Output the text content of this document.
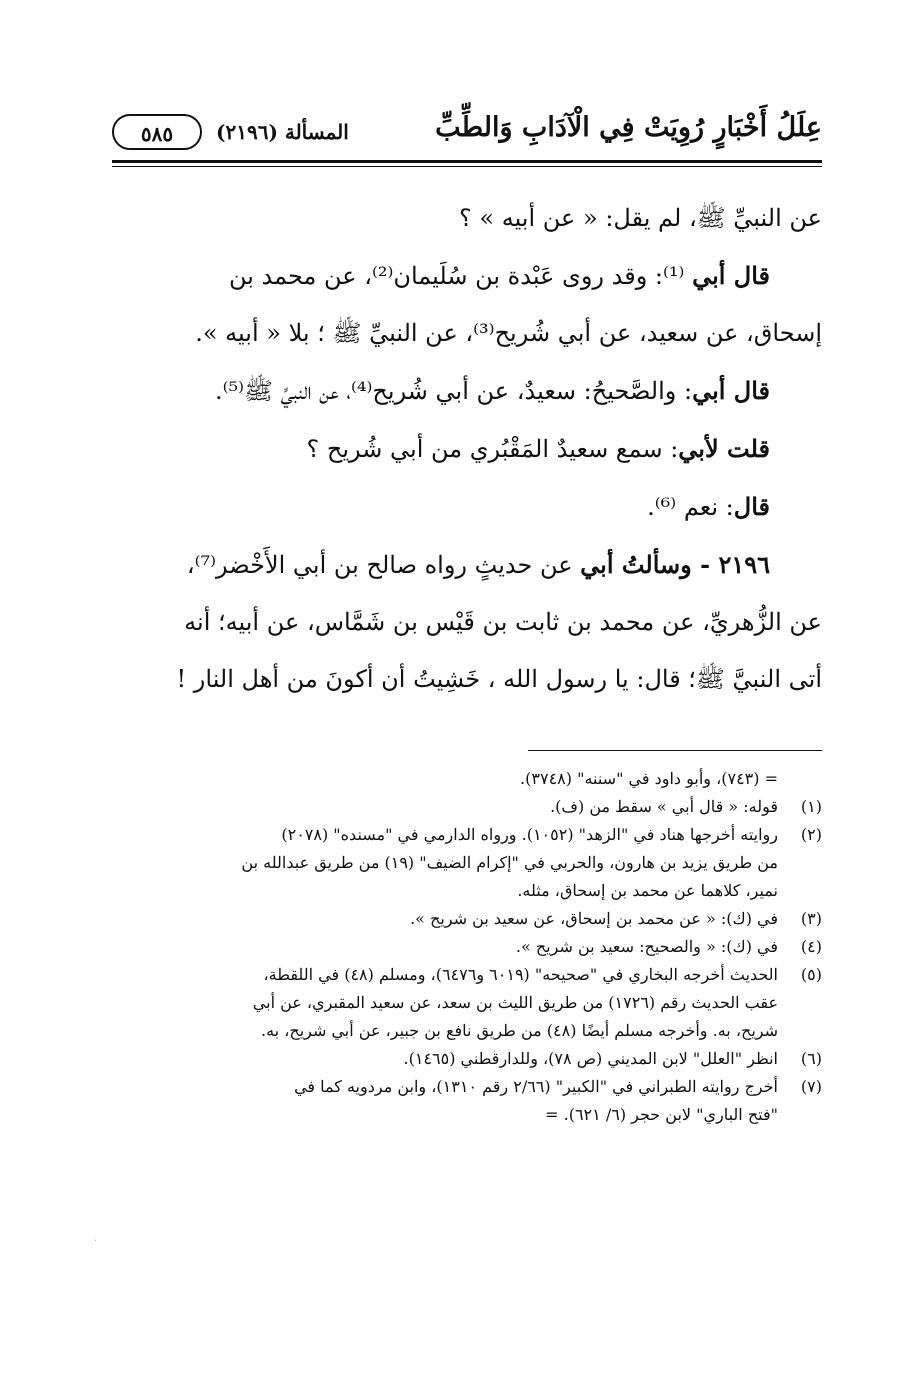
عِلَلُ أَخْبَارٍ رُوِيَتْ فِي الْآدَابِ وَالطِّبِّ
المسألة (٢١٩٦)
٥٨٥

عن النبيِّ ﷺ، لم يقل: « عن أبيه » ؟

قال أبي ⁽¹⁾: وقد روى عَبْدة بن سُلَيمان⁽²⁾، عن محمد بن

إسحاق، عن سعيد، عن أبي شُريح⁽³⁾، عن النبيِّ ﷺ ؛ بلا « أبيه ».

قال أبي: والصَّحيحُ: سعيدٌ، عن أبي شُريح⁽⁴⁾، عن النبيِّ ﷺ⁽⁵⁾.

قلت لأبي: سمع سعيدٌ المَقْبُري من أبي شُريح ؟

قال: نعم ⁽⁶⁾.

٢١٩٦ - وسألتُ أبي عن حديثٍ رواه صالح بن أبي الأَخْضر⁽⁷⁾،

عن الزُّهريِّ، عن محمد بن ثابت بن قَيْس بن شَمَّاس، عن أبيه؛ أنه

أتى النبيَّ ﷺ؛ قال: يا رسول الله ، خَشِيتُ أن أكونَ من أهل النار !

= (٧٤٣)، وأبو داود في "سننه" (٣٧٤٨).
(١)
قوله: « قال أبي » سقط من (ف).
(٢)
روايته أخرجها هناد في "الزهد" (١٠٥٢). ورواه الدارمي في "مسنده" (٢٠٧٨)
من طريق يزيد بن هارون، والحربي في "إكرام الضيف" (١٩) من طريق عبدالله بن
نمير، كلاهما عن محمد بن إسحاق، مثله.
(٣)
في (ك): « عن محمد بن إسحاق، عن سعيد بن شريح ».
(٤)
في (ك): « والصحيح: سعيد بن شريح ».
(٥)
الحديث أخرجه البخاري في "صحيحه" (٦٠١٩ و٦٤٧٦)، ومسلم (٤٨) في اللقطة،
عقب الحديث رقم (١٧٢٦) من طريق الليث بن سعد، عن سعيد المقبري، عن أبي
شريح، به. وأخرجه مسلم أيضًا (٤٨) من طريق نافع بن جبير، عن أبي شريح، به.
(٦)
انظر "العلل" لابن المديني (ص ٧٨)، وللدارقطني (١٤٦٥).
(٧)
أخرج روايته الطبراني في "الكبير" (٢/٦٦ رقم ١٣١٠)، وابن مردويه كما في
"فتح الباري" لابن حجر (٦/ ٦٢١). =
.
